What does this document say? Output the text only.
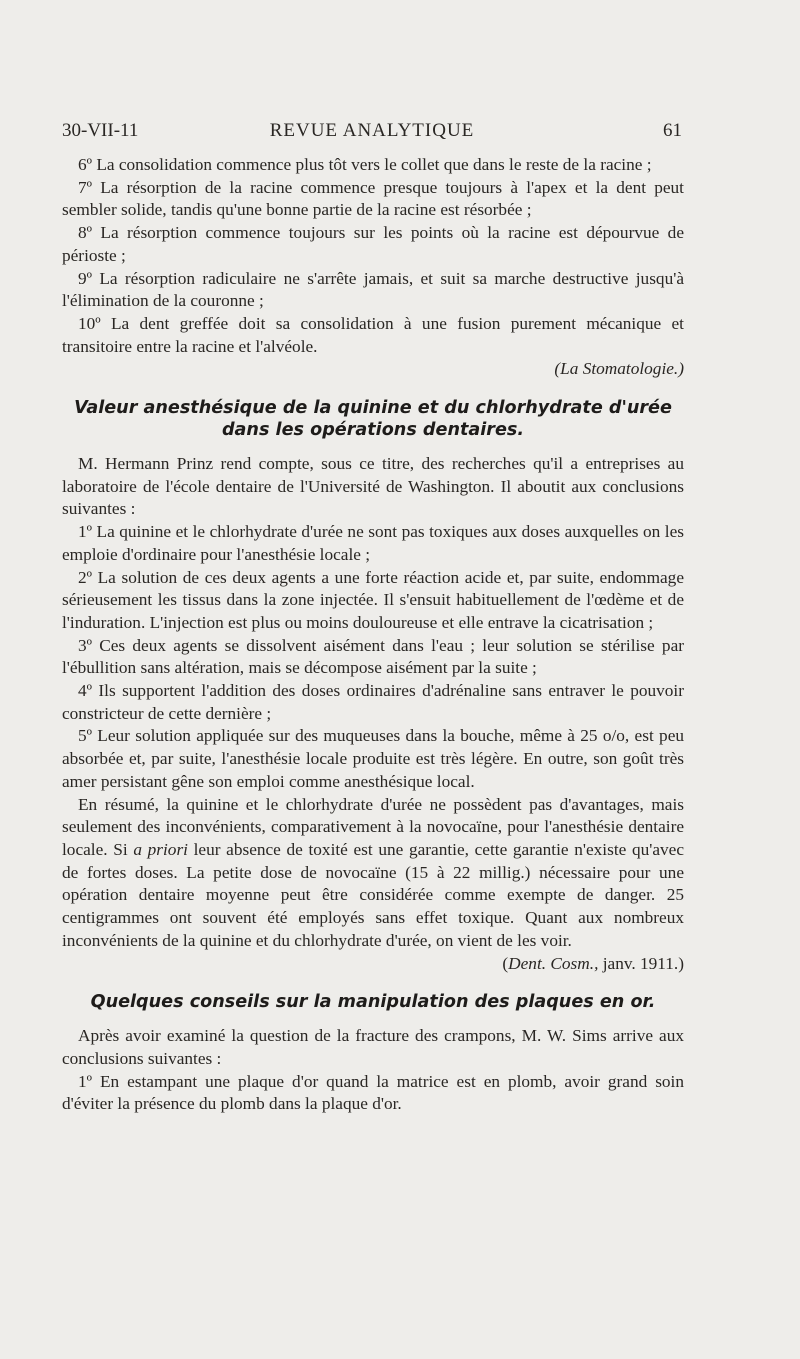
30-VII-11	REVUE ANALYTIQUE	61

6º La consolidation commence plus tôt vers le collet que dans le reste de la racine ;

7º La résorption de la racine commence presque toujours à l'apex et la dent peut sembler solide, tandis qu'une bonne partie de la racine est résorbée ;

8º La résorption commence toujours sur les points où la racine est dépourvue de périoste ;

9º La résorption radiculaire ne s'arrête jamais, et suit sa marche destructive jusqu'à l'élimination de la couronne ;

10º La dent greffée doit sa consolidation à une fusion purement mécanique et transitoire entre la racine et l'alvéole.

(La Stomatologie.)

Valeur anesthésique de la quinine et du chlorhydrate d'urée dans les opérations dentaires.

M. Hermann Prinz rend compte, sous ce titre, des recherches qu'il a entreprises au laboratoire de l'école dentaire de l'Université de Washington. Il aboutit aux conclusions suivantes :

1º La quinine et le chlorhydrate d'urée ne sont pas toxiques aux doses auxquelles on les emploie d'ordinaire pour l'anesthésie locale ;

2º La solution de ces deux agents a une forte réaction acide et, par suite, endommage sérieusement les tissus dans la zone injectée. Il s'ensuit habituellement de l'œdème et de l'induration. L'injection est plus ou moins douloureuse et elle entrave la cicatrisation ;

3º Ces deux agents se dissolvent aisément dans l'eau ; leur solution se stérilise par l'ébullition sans altération, mais se décompose aisément par la suite ;

4º Ils supportent l'addition des doses ordinaires d'adrénaline sans entraver le pouvoir constricteur de cette dernière ;

5º Leur solution appliquée sur des muqueuses dans la bouche, même à 25 o/o, est peu absorbée et, par suite, l'anesthésie locale produite est très légère. En outre, son goût très amer persistant gêne son emploi comme anesthésique local.

En résumé, la quinine et le chlorhydrate d'urée ne possèdent pas d'avantages, mais seulement des inconvénients, comparativement à la novocaïne, pour l'anesthésie dentaire locale. Si a priori leur absence de toxité est une garantie, cette garantie n'existe qu'avec de fortes doses. La petite dose de novocaïne (15 à 22 millig.) nécessaire pour une opération dentaire moyenne peut être considérée comme exempte de danger. 25 centigrammes ont souvent été employés sans effet toxique. Quant aux nombreux inconvénients de la quinine et du chlorhydrate d'urée, on vient de les voir.

(Dent. Cosm., janv. 1911.)

Quelques conseils sur la manipulation des plaques en or.

Après avoir examiné la question de la fracture des crampons, M. W. Sims arrive aux conclusions suivantes :

1º En estampant une plaque d'or quand la matrice est en plomb, avoir grand soin d'éviter la présence du plomb dans la plaque d'or.
